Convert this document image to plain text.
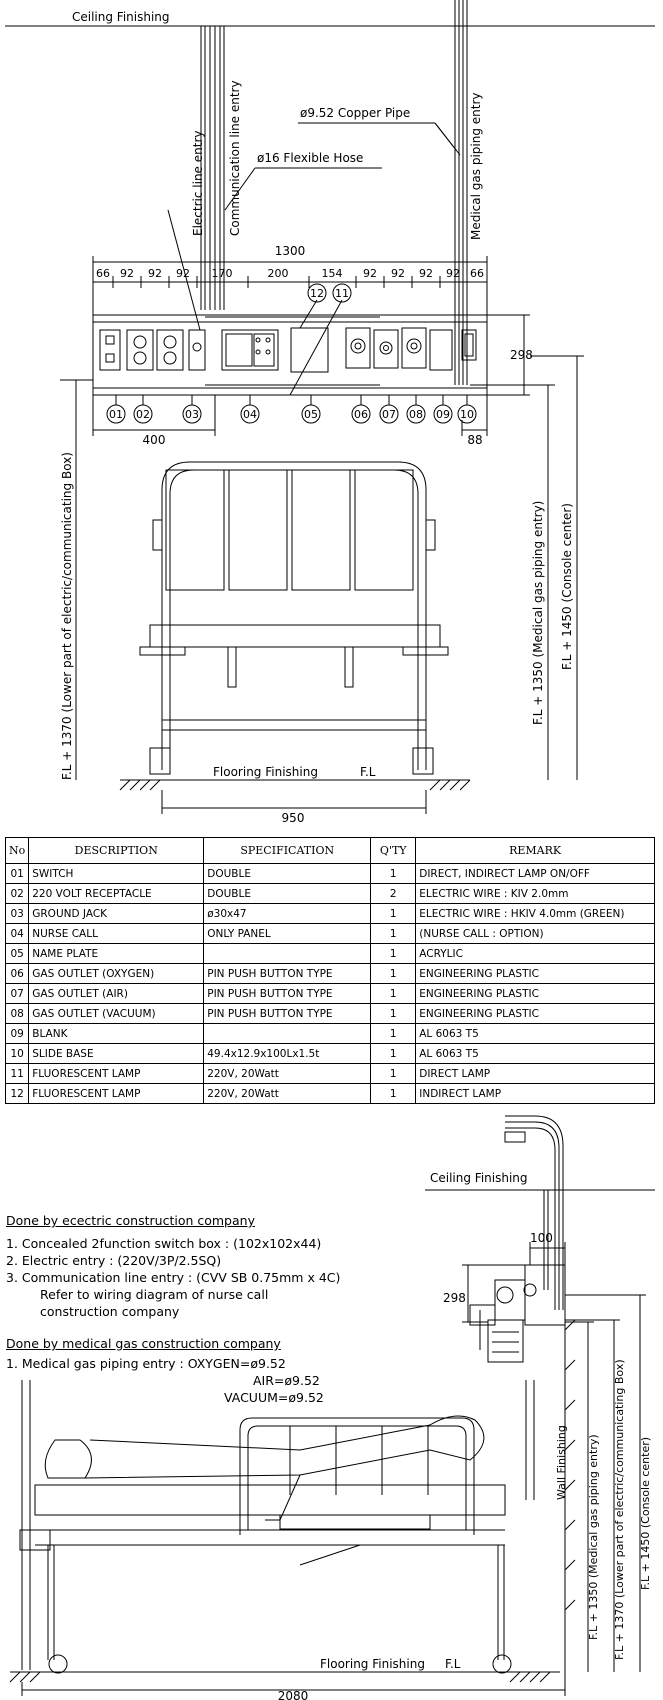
Ceiling Finishing
Electric line entry Communication line entry	Medical gas piping entry
ø9.52 Copper Pipe
ø16 Flexible Hose
1300
66 92 92 92 170	200	154 92 92 92 92 66
12 11
298
01 02	03	04	05	06 07 08 09 10
400	88
Flooring Finishing	F.L
950
F.L + 1370 (Lower part of electric/communicating Box)	F.L + 1350 (Medical gas piping entry) F.L + 1450 (Console center)
No	DESCRIPTION	SPECIFICATION	Q'TY	REMARK
01	SWITCH	DOUBLE	1	DIRECT, INDIRECT LAMP ON/OFF
02	220 VOLT RECEPTACLE	DOUBLE	2	ELECTRIC WIRE : KIV 2.0mm
03	GROUND JACK	ø30x47	1	ELECTRIC WIRE : HKIV 4.0mm (GREEN)
04	NURSE CALL	ONLY PANEL	1	(NURSE CALL : OPTION)
05	NAME PLATE		1	ACRYLIC
06	GAS OUTLET (OXYGEN)	PIN PUSH BUTTON TYPE	1	ENGINEERING PLASTIC
07	GAS OUTLET (AIR)	PIN PUSH BUTTON TYPE	1	ENGINEERING PLASTIC
08	GAS OUTLET (VACUUM)	PIN PUSH BUTTON TYPE	1	ENGINEERING PLASTIC
09	BLANK		1	AL 6063 T5
10	SLIDE BASE	49.4x12.9x100Lx1.5t	1	AL 6063 T5
11	FLUORESCENT LAMP	220V, 20Watt	1	DIRECT LAMP
12	FLUORESCENT LAMP	220V, 20Watt	1	INDIRECT LAMP
Ceiling Finishing
Wall Finishing
100
298
Flooring Finishing F.L
2080
F.L + 1350 (Medical gas piping entry) F.L + 1370 (Lower part of electric/communicating Box) F.L + 1450 (Console center)
Done by ecectric construction company
1. Concealed 2function switch box : (102x102x44)
2. Electric entry : (220V/3P/2.5SQ)
3. Communication line entry : (CVV SB 0.75mm x 4C)
Refer to wiring diagram of nurse call
construction company
Done by medical gas construction company
1. Medical gas piping entry : OXYGEN=ø9.52
AIR=ø9.52
VACUUM=ø9.52
